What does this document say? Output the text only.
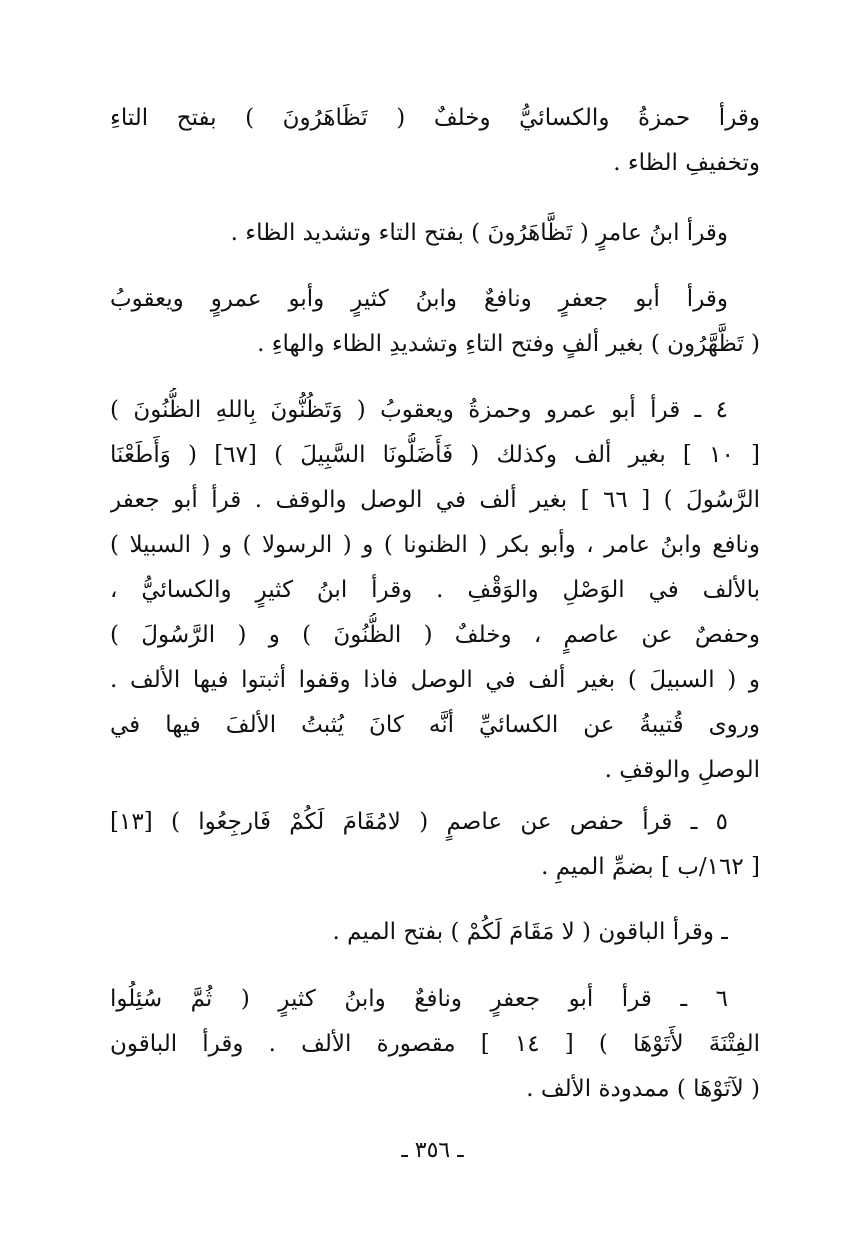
وقرأ حمزةُ والكسائيُّ وخلفٌ ( تَظَاهَرُونَ ) بفتح التاءِ
وتخفيفِ الظاء .
وقرأ ابنُ عامرٍ ( تَظَّاهَرُونَ ) بفتح التاء وتشديد الظاء .
وقرأ أبو جعفرٍ ونافعٌ وابنُ كثيرٍ وأبو عمروٍ ويعقوبُ
( تَظَّهَّرُون ) بغير ألفٍ وفتح التاءِ وتشديدِ الظاء والهاءِ .
٤ ـ قرأ أبو عمرو وحمزةُ ويعقوبُ ( وَتَظُنُّونَ بِاللهِ الظُّنُونَ )
[ ١٠ ] بغير ألف وكذلك ( فَأَضَلُّونَا السَّبِيلَ ) [٦٧] ( وَأَطَعْنَا
الرَّسُولَ ) [ ٦٦ ] بغير ألف في الوصل والوقف . قرأ أبو جعفر
ونافع وابنُ عامر ، وأبو بكر ( الظنونا ) و ( الرسولا ) و ( السبيلا )
بالألف في الوَصْلِ والوَقْفِ . وقرأ ابنُ كثيرٍ والكسائيُّ ،
وحفصٌ عن عاصمٍ ، وخلفٌ ( الظُّنُونَ ) و ( الرَّسُولَ )
و ( السبيلَ ) بغير ألف في الوصل فاذا وقفوا أثبتوا فيها الألف .
وروى قُتيبةُ عن الكسائيِّ أنَّه كانَ يُثبتُ الألفَ فيها في
الوصلِ والوقفِ .
٥ ـ قرأ حفص عن عاصمٍ ( لامُقَامَ لَكُمْ فَارجِعُوا ) [١٣]
[ ١٦٢/ب ] بضمِّ الميمِ .
ـ وقرأ الباقون ( لا مَقَامَ لَكُمْ ) بفتح الميم .
٦ ـ قرأ أبو جعفرٍ ونافعٌ وابنُ كثيرٍ ( ثُمَّ سُئِلُوا
الفِتْنَةَ لأَتَوْهَا ) [ ١٤ ] مقصورة الألف . وقرأ الباقون
( لآتَوْهَا ) ممدودة الألف .
ـ ٣٥٦ ـ
